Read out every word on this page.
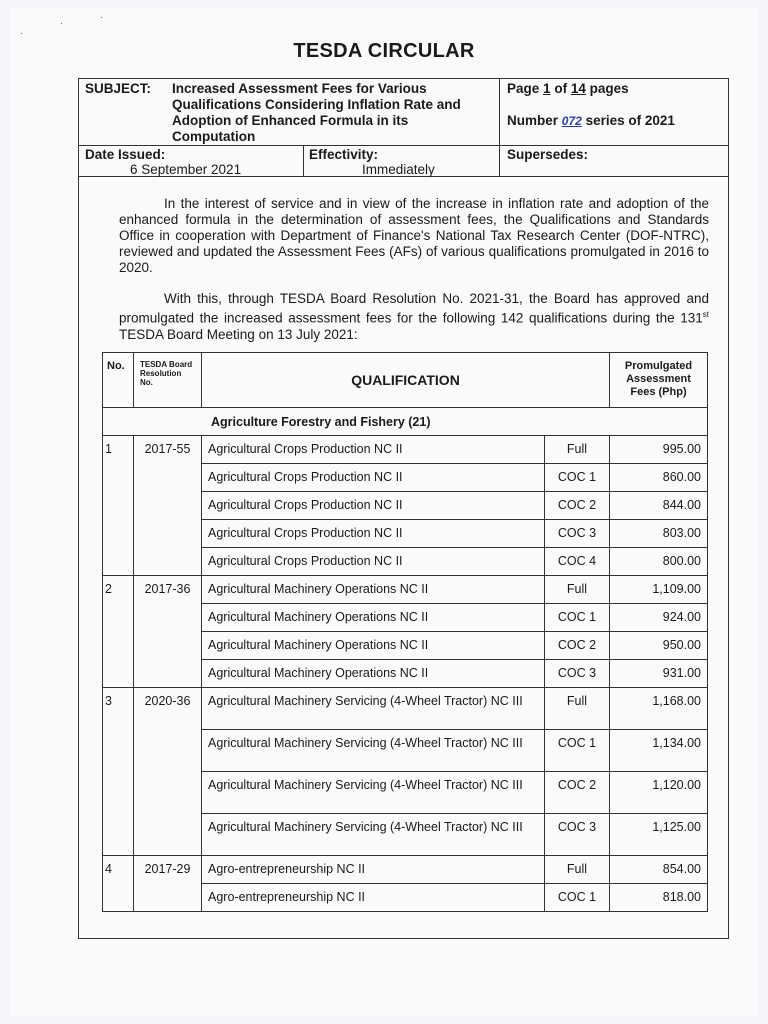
·
·
·
TESDA CIRCULAR
SUBJECT: Increased Assessment Fees for Various
Qualifications Considering Inflation Rate and
Adoption of Enhanced Formula in its
Computation
Page 1 of 14 pages
Number 072 series of 2021
Date Issued:
6 September 2021
Effectivity:
Immediately
Supersedes:
In the interest of service and in view of the increase in inflation rate and adoption of the enhanced formula in the determination of assessment fees, the Qualifications and Standards Office in cooperation with Department of Finance's National Tax Research Center (DOF-NTRC), reviewed and updated the Assessment Fees (AFs) of various qualifications promulgated in 2016 to 2020.
With this, through TESDA Board Resolution No. 2021-31, the Board has approved and promulgated the increased assessment fees for the following 142 qualifications during the 131st TESDA Board Meeting on 13 July 2021:
No.	TESDA Board Resolution No.	QUALIFICATION		Promulgated Assessment Fees (Php)
Agriculture Forestry and Fishery (21)				
1	2017-55	Agricultural Crops Production NC II	Full	995.00
		Agricultural Crops Production NC II	COC 1	860.00
		Agricultural Crops Production NC II	COC 2	844.00
		Agricultural Crops Production NC II	COC 3	803.00
		Agricultural Crops Production NC II	COC 4	800.00
2	2017-36	Agricultural Machinery Operations NC II	Full	1,109.00
		Agricultural Machinery Operations NC II	COC 1	924.00
		Agricultural Machinery Operations NC II	COC 2	950.00
		Agricultural Machinery Operations NC II	COC 3	931.00
3	2020-36	Agricultural Machinery Servicing (4-Wheel Tractor) NC III	Full	1,168.00
		Agricultural Machinery Servicing (4-Wheel Tractor) NC III	COC 1	1,134.00
		Agricultural Machinery Servicing (4-Wheel Tractor) NC III	COC 2	1,120.00
		Agricultural Machinery Servicing (4-Wheel Tractor) NC III	COC 3	1,125.00
4	2017-29	Agro-entrepreneurship NC II	Full	854.00
		Agro-entrepreneurship NC II	COC 1	818.00
